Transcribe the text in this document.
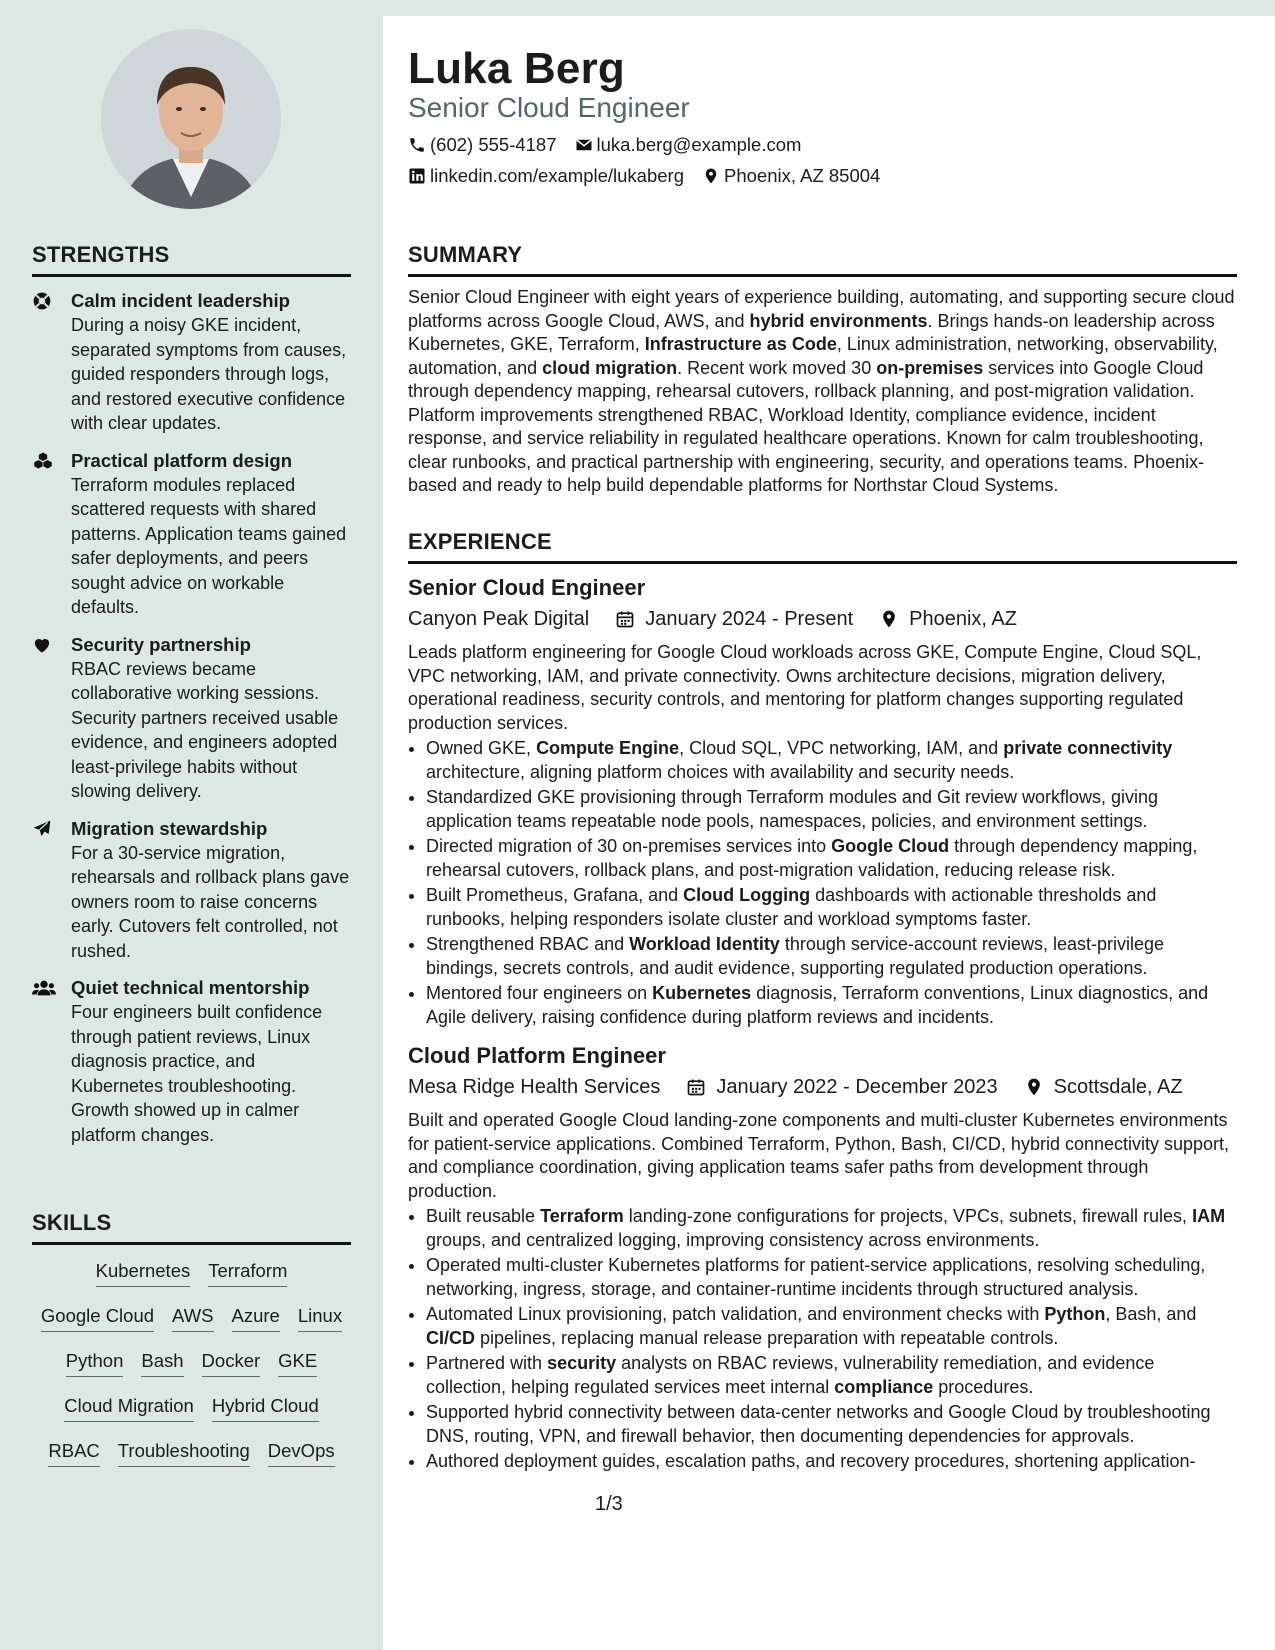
STRENGTHS
Calm incident leadership
During a noisy GKE incident, separated symptoms from causes, guided responders through logs, and restored executive confidence with clear updates.
Practical platform design
Terraform modules replaced scattered requests with shared patterns. Application teams gained safer deployments, and peers sought advice on workable defaults.
Security partnership
RBAC reviews became collaborative working sessions. Security partners received usable evidence, and engineers adopted least-privilege habits without slowing delivery.
Migration stewardship
For a 30-service migration, rehearsals and rollback plans gave owners room to raise concerns early. Cutovers felt controlled, not rushed.
Quiet technical mentorship
Four engineers built confidence through patient reviews, Linux diagnosis practice, and Kubernetes troubleshooting. Growth showed up in calmer platform changes.
SKILLS
Kubernetes Terraform
Google Cloud AWS Azure Linux
Python Bash Docker GKE
Cloud Migration Hybrid Cloud
RBAC Troubleshooting DevOps
Luka Berg
Senior Cloud Engineer
(602) 555-4187 luka.berg@example.com
linkedin.com/example/lukaberg Phoenix, AZ 85004
SUMMARY
Senior Cloud Engineer with eight years of experience building, automating, and supporting secure cloud platforms across Google Cloud, AWS, and hybrid environments. Brings hands-on leadership across Kubernetes, GKE, Terraform, Infrastructure as Code, Linux administration, networking, observability, automation, and cloud migration. Recent work moved 30 on-premises services into Google Cloud through dependency mapping, rehearsal cutovers, rollback planning, and post-migration validation. Platform improvements strengthened RBAC, Workload Identity, compliance evidence, incident response, and service reliability in regulated healthcare operations. Known for calm troubleshooting, clear runbooks, and practical partnership with engineering, security, and operations teams. Phoenix-based and ready to help build dependable platforms for Northstar Cloud Systems.
EXPERIENCE
Senior Cloud Engineer
Canyon Peak Digital	January 2024 - Present	Phoenix, AZ
Leads platform engineering for Google Cloud workloads across GKE, Compute Engine, Cloud SQL, VPC networking, IAM, and private connectivity. Owns architecture decisions, migration delivery, operational readiness, security controls, and mentoring for platform changes supporting regulated production services.
• Owned GKE, Compute Engine, Cloud SQL, VPC networking, IAM, and private connectivity architecture, aligning platform choices with availability and security needs.
• Standardized GKE provisioning through Terraform modules and Git review workflows, giving application teams repeatable node pools, namespaces, policies, and environment settings.
• Directed migration of 30 on-premises services into Google Cloud through dependency mapping, rehearsal cutovers, rollback plans, and post-migration validation, reducing release risk.
• Built Prometheus, Grafana, and Cloud Logging dashboards with actionable thresholds and runbooks, helping responders isolate cluster and workload symptoms faster.
• Strengthened RBAC and Workload Identity through service-account reviews, least-privilege bindings, secrets controls, and audit evidence, supporting regulated production operations.
• Mentored four engineers on Kubernetes diagnosis, Terraform conventions, Linux diagnostics, and Agile delivery, raising confidence during platform reviews and incidents.
Cloud Platform Engineer
Mesa Ridge Health Services	January 2022 - December 2023	Scottsdale, AZ
Built and operated Google Cloud landing-zone components and multi-cluster Kubernetes environments for patient-service applications. Combined Terraform, Python, Bash, CI/CD, hybrid connectivity support, and compliance coordination, giving application teams safer paths from development through production.
• Built reusable Terraform landing-zone configurations for projects, VPCs, subnets, firewall rules, IAM groups, and centralized logging, improving consistency across environments.
• Operated multi-cluster Kubernetes platforms for patient-service applications, resolving scheduling, networking, ingress, storage, and container-runtime incidents through structured analysis.
• Automated Linux provisioning, patch validation, and environment checks with Python, Bash, and CI/CD pipelines, replacing manual release preparation with repeatable controls.
• Partnered with security analysts on RBAC reviews, vulnerability remediation, and evidence collection, helping regulated services meet internal compliance procedures.
• Supported hybrid connectivity between data-center networks and Google Cloud by troubleshooting DNS, routing, VPN, and firewall behavior, then documenting dependencies for approvals.
• Authored deployment guides, escalation paths, and recovery procedures, shortening application-
1/3
